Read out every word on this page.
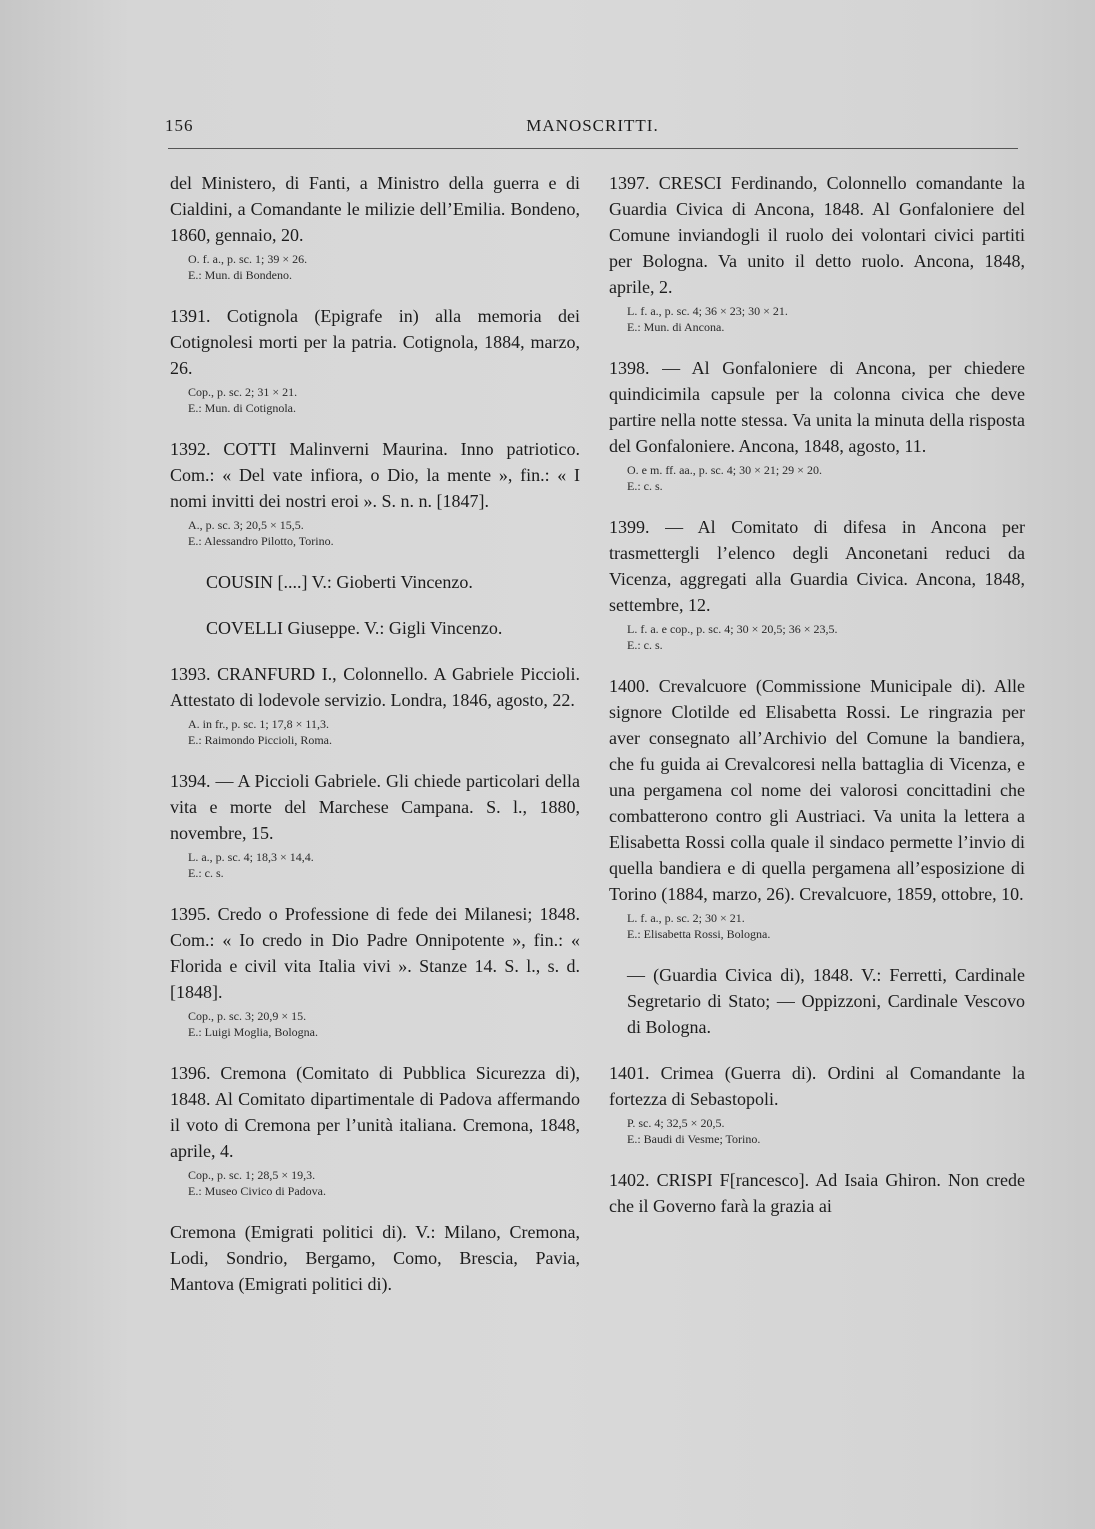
156	MANOSCRITTI.

del Ministero, di Fanti, a Ministro della guerra e di Cialdini, a Comandante le milizie dell’Emilia. Bondeno, 1860, gennaio, 20.

O. f. a., p. sc. 1; 39 × 26.
E.: Mun. di Bondeno.

1391. Cotignola (Epigrafe in) alla memoria dei Cotignolesi morti per la patria. Cotignola, 1884, marzo, 26.

Cop., p. sc. 2; 31 × 21.
E.: Mun. di Cotignola.

1392. COTTI Malinverni Maurina. Inno patriotico. Com.: « Del vate infiora, o Dio, la mente », fin.: « I nomi invitti dei nostri eroi ». S. n. n. [1847].

A., p. sc. 3; 20,5 × 15,5.
E.: Alessandro Pilotto, Torino.

COUSIN [....] V.: Gioberti Vincenzo.

COVELLI Giuseppe. V.: Gigli Vincenzo.

1393. CRANFURD I., Colonnello. A Gabriele Piccioli. Attestato di lodevole servizio. Londra, 1846, agosto, 22.

A. in fr., p. sc. 1; 17,8 × 11,3.
E.: Raimondo Piccioli, Roma.

1394. — A Piccioli Gabriele. Gli chiede particolari della vita e morte del Marchese Campana. S. l., 1880, novembre, 15.

L. a., p. sc. 4; 18,3 × 14,4.
E.: c. s.

1395. Credo o Professione di fede dei Milanesi; 1848. Com.: « Io credo in Dio Padre Onnipotente », fin.: « Florida e civil vita Italia vivi ». Stanze 14. S. l., s. d. [1848].

Cop., p. sc. 3; 20,9 × 15.
E.: Luigi Moglia, Bologna.

1396. Cremona (Comitato di Pubblica Sicurezza di), 1848. Al Comitato dipartimentale di Padova affermando il voto di Cremona per l’unità italiana. Cremona, 1848, aprile, 4.

Cop., p. sc. 1; 28,5 × 19,3.
E.: Museo Civico di Padova.

Cremona (Emigrati politici di). V.: Milano, Cremona, Lodi, Sondrio, Bergamo, Como, Brescia, Pavia, Mantova (Emigrati politici di).

1397. CRESCI Ferdinando, Colonnello comandante la Guardia Civica di Ancona, 1848. Al Gonfaloniere del Comune inviandogli il ruolo dei volontari civici partiti per Bologna. Va unito il detto ruolo. Ancona, 1848, aprile, 2.

L. f. a., p. sc. 4; 36 × 23; 30 × 21.
E.: Mun. di Ancona.

1398. — Al Gonfaloniere di Ancona, per chiedere quindicimila capsule per la colonna civica che deve partire nella notte stessa. Va unita la minuta della risposta del Gonfaloniere. Ancona, 1848, agosto, 11.

O. e m. ff. aa., p. sc. 4; 30 × 21; 29 × 20.
E.: c. s.

1399. — Al Comitato di difesa in Ancona per trasmettergli l’elenco degli Anconetani reduci da Vicenza, aggregati alla Guardia Civica. Ancona, 1848, settembre, 12.

L. f. a. e cop., p. sc. 4; 30 × 20,5; 36 × 23,5.
E.: c. s.

1400. Crevalcuore (Commissione Municipale di). Alle signore Clotilde ed Elisabetta Rossi. Le ringrazia per aver consegnato all’Archivio del Comune la bandiera, che fu guida ai Crevalcoresi nella battaglia di Vicenza, e una pergamena col nome dei valorosi concittadini che combatterono contro gli Austriaci. Va unita la lettera a Elisabetta Rossi colla quale il sindaco permette l’invio di quella bandiera e di quella pergamena all’esposizione di Torino (1884, marzo, 26). Crevalcuore, 1859, ottobre, 10.

L. f. a., p. sc. 2; 30 × 21.
E.: Elisabetta Rossi, Bologna.

— (Guardia Civica di), 1848. V.: Ferretti, Cardinale Segretario di Stato; — Oppizzoni, Cardinale Vescovo di Bologna.

1401. Crimea (Guerra di). Ordini al Comandante la fortezza di Sebastopoli.

P. sc. 4; 32,5 × 20,5.
E.: Baudi di Vesme; Torino.

1402. CRISPI F[rancesco]. Ad Isaia Ghiron. Non crede che il Governo farà la grazia ai
